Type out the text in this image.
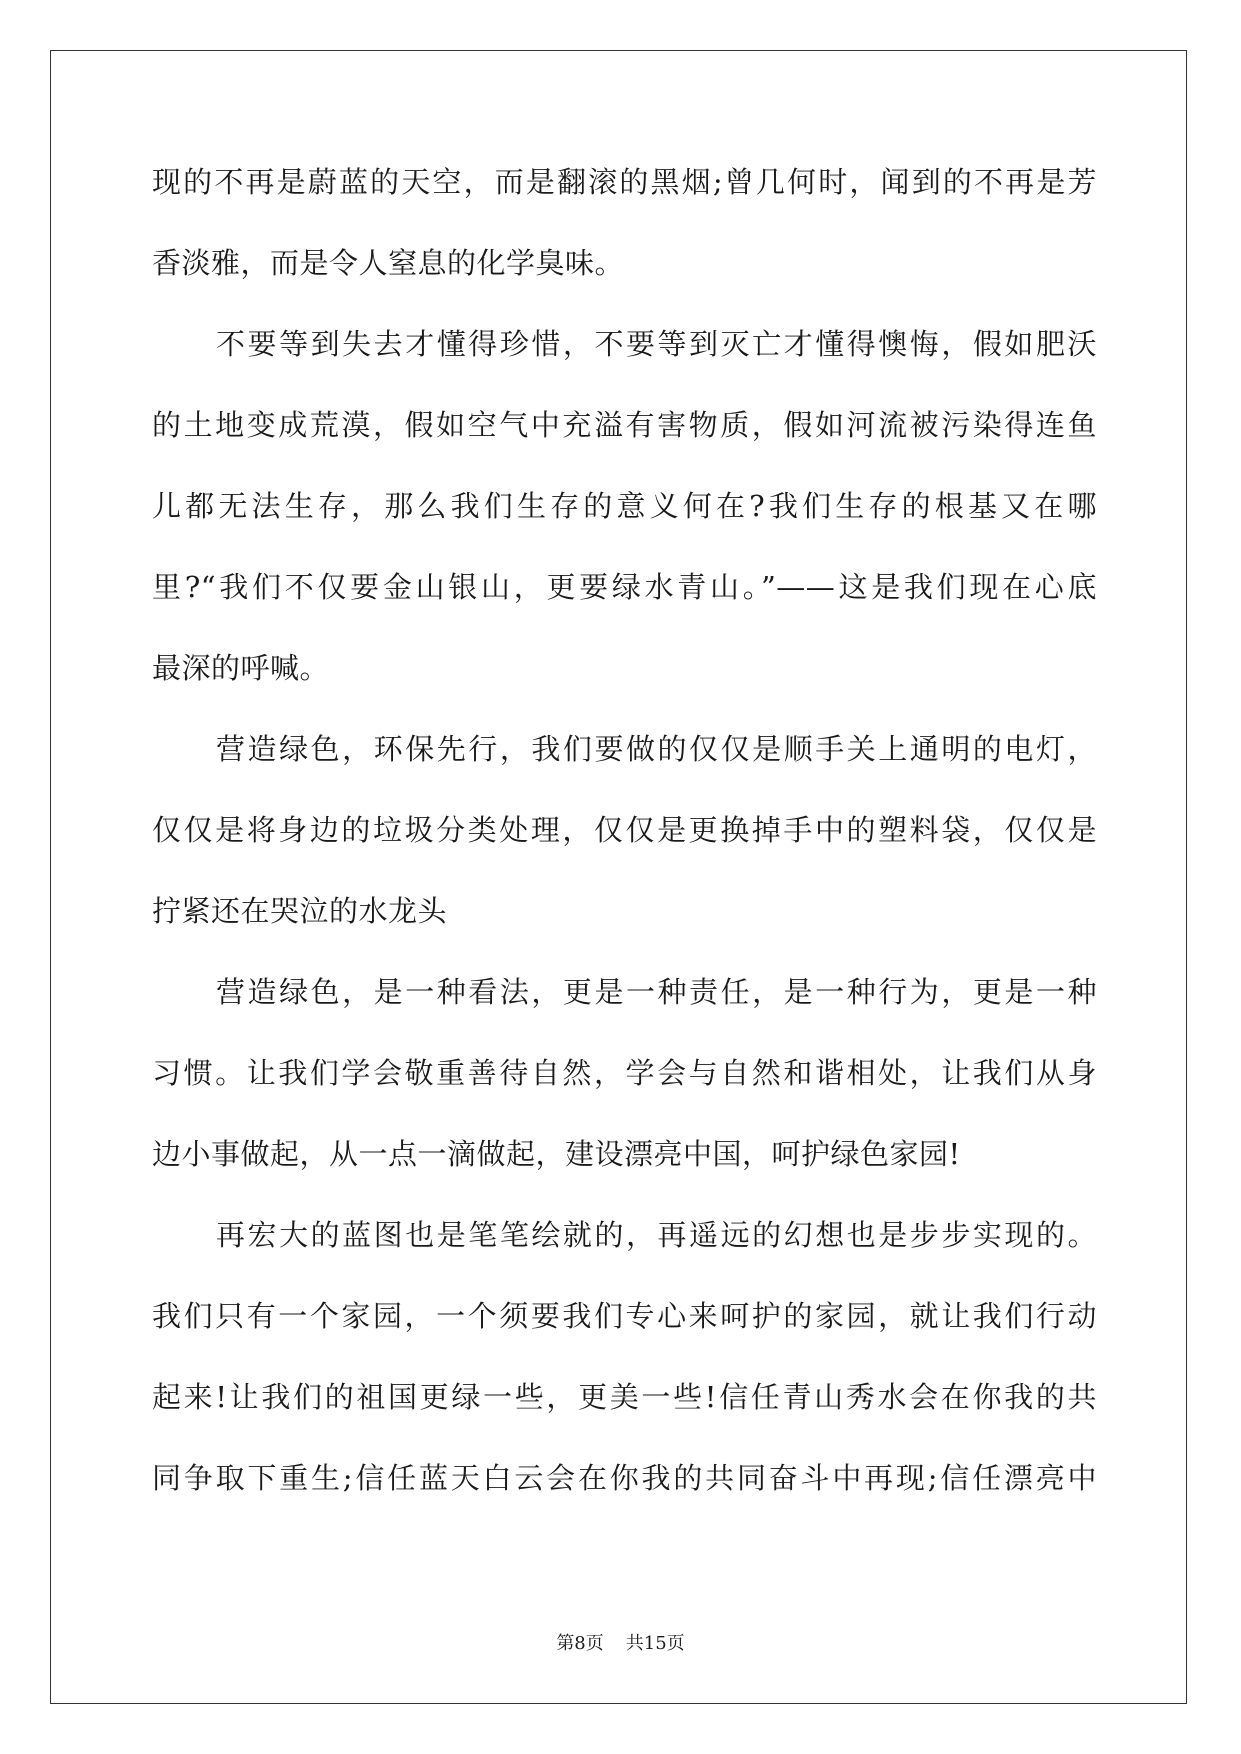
现的不再是蔚蓝的天空，而是翻滚的黑烟;曾几何时，闻到的不再是芳
香淡雅，而是令人窒息的化学臭味。
不要等到失去才懂得珍惜，不要等到灭亡才懂得懊悔，假如肥沃
的土地变成荒漠，假如空气中充溢有害物质，假如河流被污染得连鱼
儿都无法生存，那么我们生存的意义何在?我们生存的根基又在哪
里?“我们不仅要金山银山，更要绿水青山。”——这是我们现在心底
最深的呼喊。
营造绿色，环保先行，我们要做的仅仅是顺手关上通明的电灯，
仅仅是将身边的垃圾分类处理，仅仅是更换掉手中的塑料袋，仅仅是
拧紧还在哭泣的水龙头
营造绿色，是一种看法，更是一种责任，是一种行为，更是一种
习惯。让我们学会敬重善待自然，学会与自然和谐相处，让我们从身
边小事做起，从一点一滴做起，建设漂亮中国，呵护绿色家园!
再宏大的蓝图也是笔笔绘就的，再遥远的幻想也是步步实现的。
我们只有一个家园，一个须要我们专心来呵护的家园，就让我们行动
起来!让我们的祖国更绿一些，更美一些!信任青山秀水会在你我的共
同争取下重生;信任蓝天白云会在你我的共同奋斗中再现;信任漂亮中
第8页 共15页
